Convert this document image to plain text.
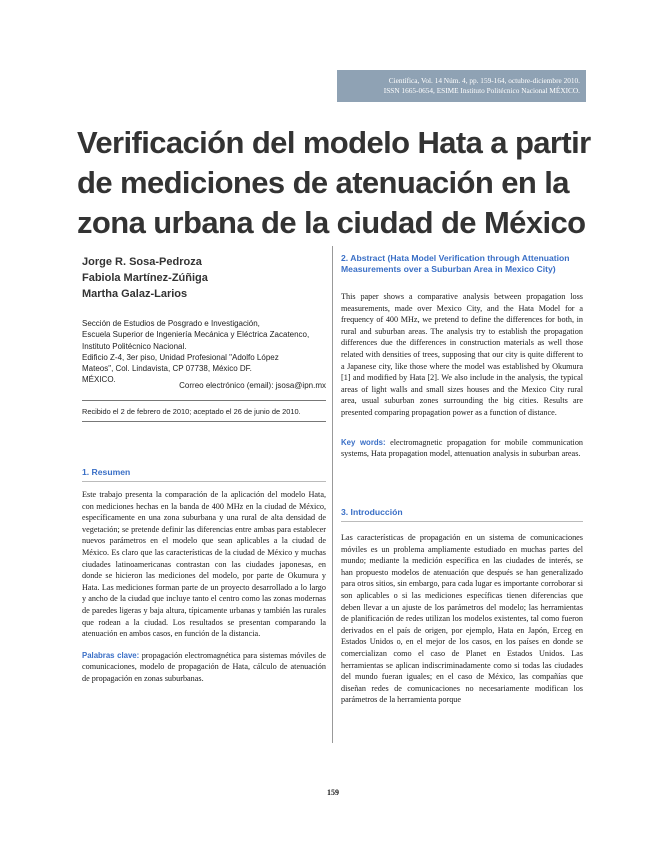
Científica, Vol. 14 Núm. 4, pp. 159-164, octubre-diciembre 2010.
ISSN 1665-0654, ESIME Instituto Politécnico Nacional MÉXICO.
Verificación del modelo Hata a partir
de mediciones de atenuación en la
zona urbana de la ciudad de México
Jorge R. Sosa-Pedroza
Fabiola Martínez-Zúñiga
Martha Galaz-Larios
Sección de Estudios de Posgrado e Investigación,
Escuela Superior de Ingeniería Mecánica y Eléctrica Zacatenco,
Instituto Politécnico Nacional.
Edificio Z-4, 3er piso, Unidad Profesional "Adolfo López
Mateos", Col. Lindavista, CP 07738, México DF.
MÉXICO.
Correo electrónico (email): jsosa@ipn.mx
Recibido el 2 de febrero de 2010; aceptado el 26 de junio de 2010.
1. Resumen
Este trabajo presenta la comparación de la aplicación del modelo Hata, con mediciones hechas en la banda de 400 MHz en la ciudad de México, específicamente en una zona suburbana y una rural de alta densidad de vegetación; se pretende definir las diferencias entre ambas para establecer nuevos parámetros en el modelo que sean aplicables a la ciudad de México. Es claro que las características de la ciudad de México y muchas ciudades latinoamericanas contrastan con las ciudades japonesas, en donde se hicieron las mediciones del modelo, por parte de Okumura y Hata. Las mediciones forman parte de un proyecto desarrollado a lo largo y ancho de la ciudad que incluye tanto el centro como las zonas modernas de paredes ligeras y baja altura, típicamente urbanas y también las rurales que rodean a la ciudad. Los resultados se presentan comparando la atenuación en ambos casos, en función de la distancia.
Palabras clave: propagación electromagnética para sistemas móviles de comunicaciones, modelo de propagación de Hata, cálculo de atenuación de propagación en zonas suburbanas.
2. Abstract (Hata Model Verification through Attenuation Measurements over a Suburban Area in Mexico City)
This paper shows a comparative analysis between propagation loss measurements, made over Mexico City, and the Hata Model for a frequency of 400 MHz, we pretend to define the differences for both, in rural and suburban areas. The analysis try to establish the propagation differences due the differences in construction materials as well those related with densities of trees, supposing that our city is quite different to a Japanese city, like those where the model was established by Okumura [1] and modified by Hata [2]. We also include in the analysis, the typical areas of light walls and small sizes houses and the Mexico City rural area, usual suburban zones surrounding the big cities. Results are presented comparing propagation power as a function of distance.
Key words: electromagnetic propagation for mobile communication systems, Hata propagation model, attenuation analysis in suburban areas.
3. Introducción
Las características de propagación en un sistema de comunicaciones móviles es un problema ampliamente estudiado en muchas partes del mundo; mediante la medición específica en las ciudades de interés, se han propuesto modelos de atenuación que después se han generalizado para otros sitios, sin embargo, para cada lugar es importante corroborar si son aplicables o si las mediciones específicas tienen diferencias que deben llevar a un ajuste de los parámetros del modelo; las herramientas de planificación de redes utilizan los modelos existentes, tal como fueron derivados en el país de origen, por ejemplo, Hata en Japón, Erceg en Estados Unidos o, en el mejor de los casos, en los países en donde se comercializan como el caso de Planet en Estados Unidos. Las herramientas se aplican indiscriminadamente como si todas las ciudades del mundo fueran iguales; en el caso de México, las compañías que diseñan redes de comunicaciones no necesariamente modifican los parámetros de la herramienta porque
159
